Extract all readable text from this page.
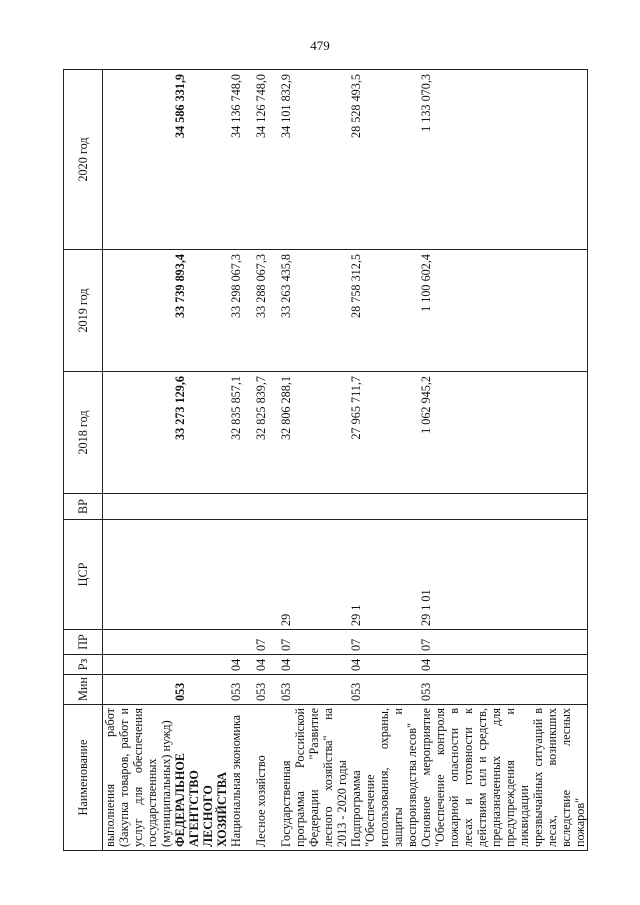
479
Наименование	Мин	Рз	ПР	ЦСР	ВР	2018 год	2019 год	2020 год
выполнения работ (Закупка товаров, работ и услуг для обеспечения государственных (муниципальных) нужд)								
ФЕДЕРАЛЬНОЕ АГЕНТСТВО ЛЕСНОГО ХОЗЯЙСТВА	053					33 273 129,6	33 739 893,4	34 586 331,9
Национальная экономика	053	04				32 835 857,1	33 298 067,3	34 136 748,0
Лесное хозяйство	053	04	07			32 825 839,7	33 288 067,3	34 126 748,0
Государственная программа Российской Федерации "Развитие лесного хозяйства" на 2013 - 2020 годы	053	04	07	29		32 806 288,1	33 263 435,8	34 101 832,9
Подпрограмма "Обеспечение использования, охраны, защиты и воспроизводства лесов"	053	04	07	29 1		27 965 711,7	28 758 312,5	28 528 493,5
Основное мероприятие "Обеспечение контроля пожарной опасности в лесах и готовности к действиям сил и средств, предназначенных для предупреждения и ликвидации чрезвычайных ситуаций в лесах, возникших вследствие лесных пожаров"	053	04	07	29 1 01		1 062 945,2	1 100 602,4	1 133 070,3
